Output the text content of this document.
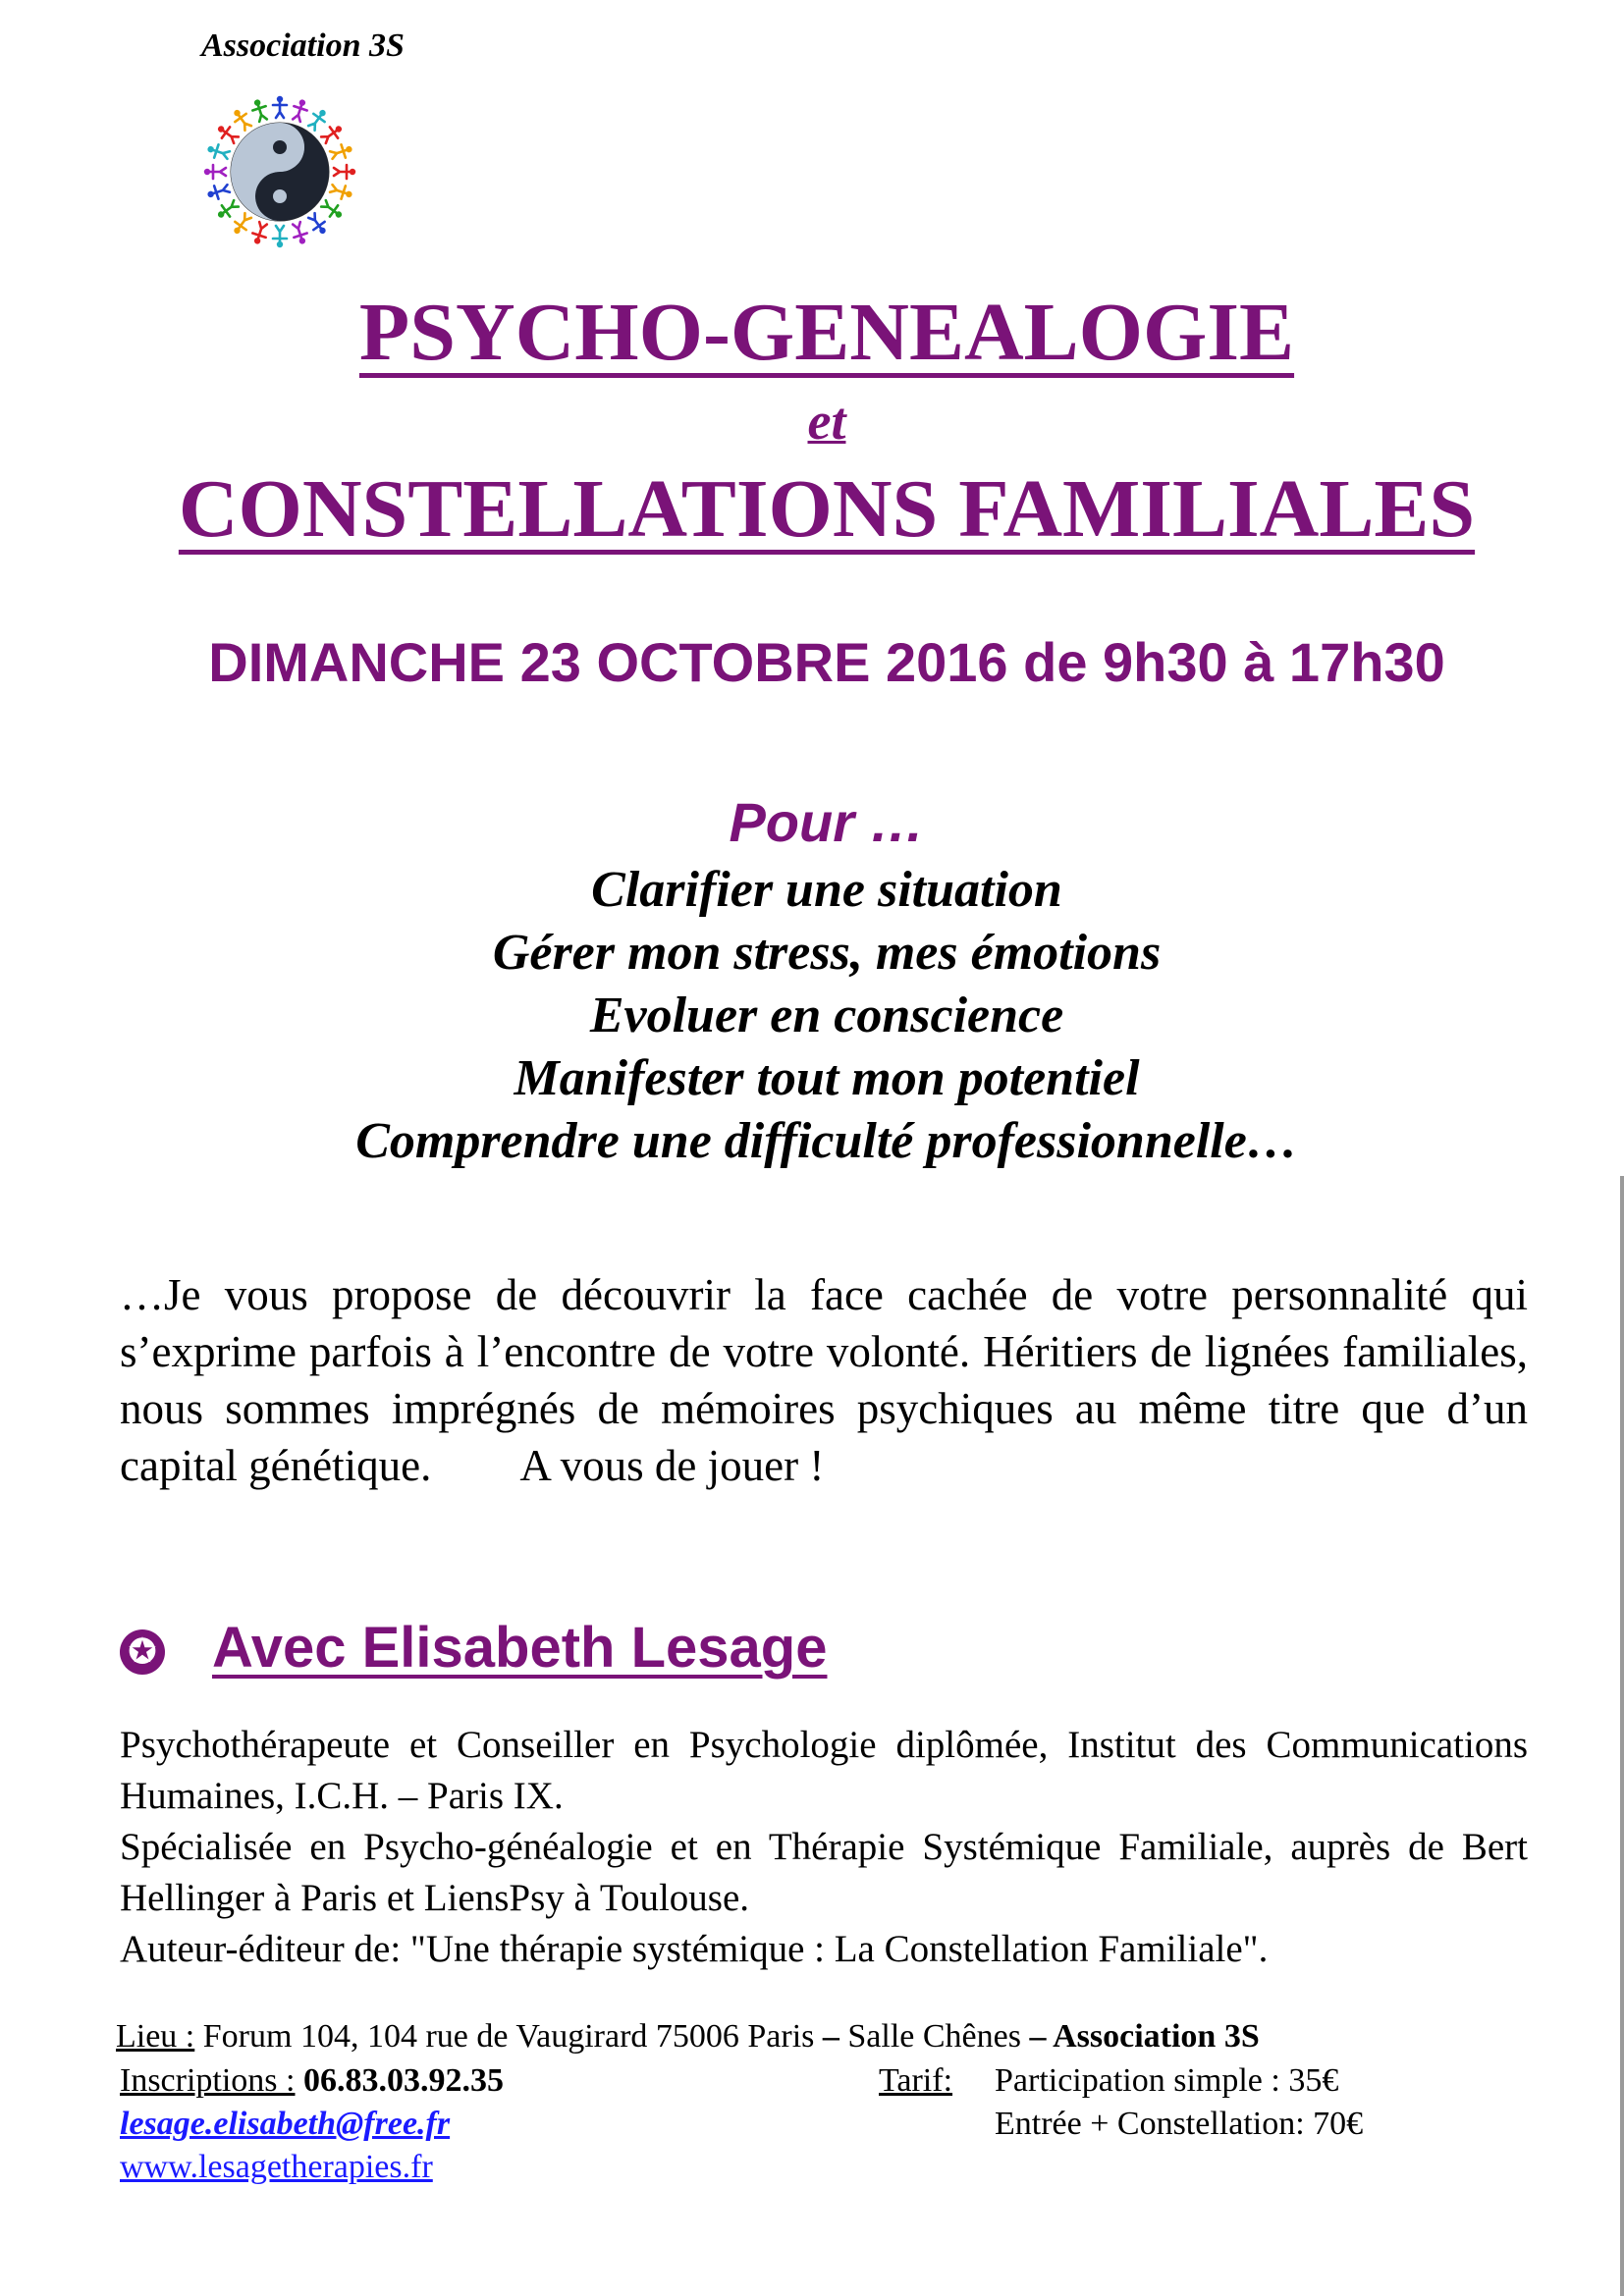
Association 3S
PSYCHO-GENEALOGIE
et
CONSTELLATIONS FAMILIALES
DIMANCHE 23 OCTOBRE 2016 de 9h30 à 17h30
Pour …
Clarifier une situation
Gérer mon stress, mes émotions
Evoluer en conscience
Manifester tout mon potentiel
Comprendre une difficulté professionnelle…
…Je vous propose de découvrir la face cachée de votre personnalité qui s’exprime parfois à l’encontre de votre volonté. Héritiers de lignées familiales, nous sommes imprégnés de mémoires psychiques au même titre que d’un capital génétique. A vous de jouer !
✪ Avec Elisabeth Lesage

Psychothérapeute et Conseiller en Psychologie diplômée, Institut des Communications Humaines, I.C.H. – Paris IX.

Spécialisée en Psycho-généalogie et en Thérapie Systémique Familiale, auprès de Bert Hellinger à Paris et LiensPsy à Toulouse.

Auteur-éditeur de: "Une thérapie systémique : La Constellation Familiale".

Lieu : Forum 104, 104 rue de Vaugirard 75006 Paris – Salle Chênes – Association 3S
Inscriptions : 06.83.03.92.35	Tarif: Participation simple : 35€
Entrée + Constellation: 70€
lesage.elisabeth@free.fr
www.lesagetherapies.fr
